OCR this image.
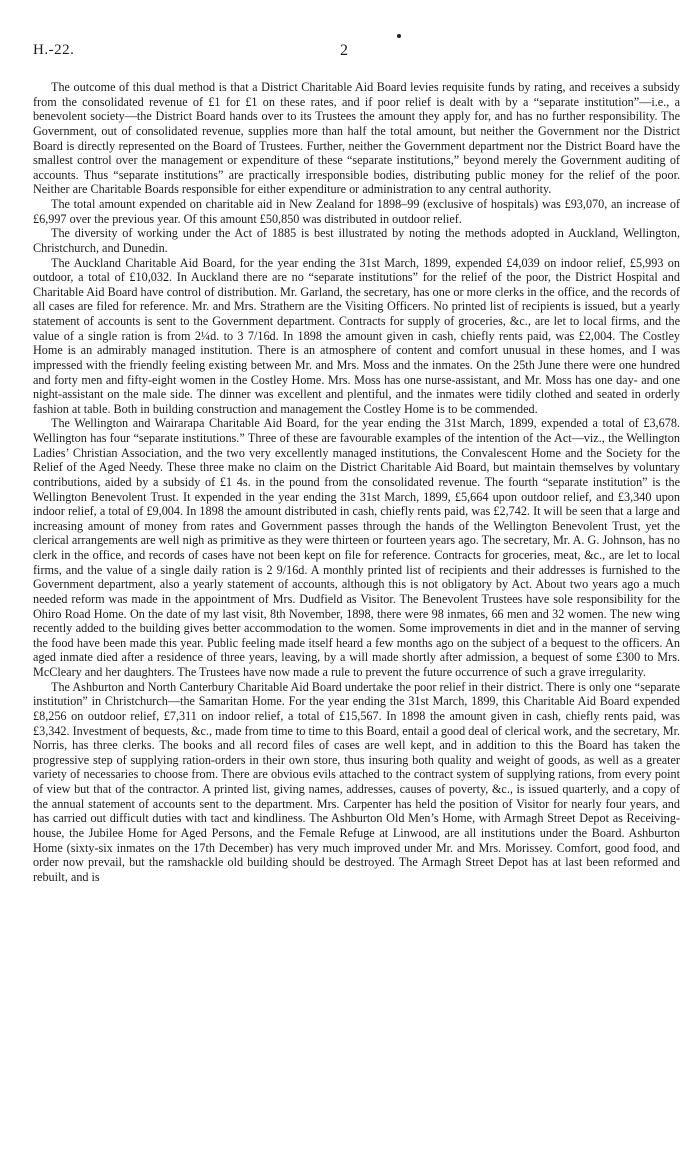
H.-22.	2

The outcome of this dual method is that a District Charitable Aid Board levies requisite funds by rating, and receives a subsidy from the consolidated revenue of £1 for £1 on these rates, and if poor relief is dealt with by a “separate institution”—i.e., a benevolent society—the District Board hands over to its Trustees the amount they apply for, and has no further responsibility. The Government, out of consolidated revenue, supplies more than half the total amount, but neither the Government nor the District Board is directly represented on the Board of Trustees. Further, neither the Government department nor the District Board have the smallest control over the management or expenditure of these “separate institutions,” beyond merely the Government auditing of accounts. Thus “separate institutions” are practically irresponsible bodies, distributing public money for the relief of the poor. Neither are Charitable Boards responsible for either expenditure or administration to any central authority.

The total amount expended on charitable aid in New Zealand for 1898–99 (exclusive of hospitals) was £93,070, an increase of £6,997 over the previous year. Of this amount £50,850 was distributed in outdoor relief.

The diversity of working under the Act of 1885 is best illustrated by noting the methods adopted in Auckland, Wellington, Christchurch, and Dunedin.

The Auckland Charitable Aid Board, for the year ending the 31st March, 1899, expended £4,039 on indoor relief, £5,993 on outdoor, a total of £10,032. In Auckland there are no “separate institutions” for the relief of the poor, the District Hospital and Charitable Aid Board have control of distribution. Mr. Garland, the secretary, has one or more clerks in the office, and the records of all cases are filed for reference. Mr. and Mrs. Strathern are the Visiting Officers. No printed list of recipients is issued, but a yearly statement of accounts is sent to the Government department. Contracts for supply of groceries, &c., are let to local firms, and the value of a single ration is from 2¼d. to 3 7/16d. In 1898 the amount given in cash, chiefly rents paid, was £2,004. The Costley Home is an admirably managed institution. There is an atmosphere of content and comfort unusual in these homes, and I was impressed with the friendly feeling existing between Mr. and Mrs. Moss and the inmates. On the 25th June there were one hundred and forty men and fifty-eight women in the Costley Home. Mrs. Moss has one nurse-assistant, and Mr. Moss has one day- and one night-assistant on the male side. The dinner was excellent and plentiful, and the inmates were tidily clothed and seated in orderly fashion at table. Both in building construction and management the Costley Home is to be commended.

The Wellington and Wairarapa Charitable Aid Board, for the year ending the 31st March, 1899, expended a total of £3,678. Wellington has four “separate institutions.” Three of these are favourable examples of the intention of the Act—viz., the Wellington Ladies’ Christian Association, and the two very excellently managed institutions, the Convalescent Home and the Society for the Relief of the Aged Needy. These three make no claim on the District Charitable Aid Board, but maintain themselves by voluntary contributions, aided by a subsidy of £1 4s. in the pound from the consolidated revenue. The fourth “separate institution” is the Wellington Benevolent Trust. It expended in the year ending the 31st March, 1899, £5,664 upon outdoor relief, and £3,340 upon indoor relief, a total of £9,004. In 1898 the amount distributed in cash, chiefly rents paid, was £2,742. It will be seen that a large and increasing amount of money from rates and Government passes through the hands of the Wellington Benevolent Trust, yet the clerical arrangements are well nigh as primitive as they were thirteen or fourteen years ago. The secretary, Mr. A. G. Johnson, has no clerk in the office, and records of cases have not been kept on file for reference. Contracts for groceries, meat, &c., are let to local firms, and the value of a single daily ration is 2 9/16d. A monthly printed list of recipients and their addresses is furnished to the Government department, also a yearly statement of accounts, although this is not obligatory by Act. About two years ago a much needed reform was made in the appointment of Mrs. Dudfield as Visitor. The Benevolent Trustees have sole responsibility for the Ohiro Road Home. On the date of my last visit, 8th November, 1898, there were 98 inmates, 66 men and 32 women. The new wing recently added to the building gives better accommodation to the women. Some improvements in diet and in the manner of serving the food have been made this year. Public feeling made itself heard a few months ago on the subject of a bequest to the officers. An aged inmate died after a residence of three years, leaving, by a will made shortly after admission, a bequest of some £300 to Mrs. McCleary and her daughters. The Trustees have now made a rule to prevent the future occurrence of such a grave irregularity.

The Ashburton and North Canterbury Charitable Aid Board undertake the poor relief in their district. There is only one “separate institution” in Christchurch—the Samaritan Home. For the year ending the 31st March, 1899, this Charitable Aid Board expended £8,256 on outdoor relief, £7,311 on indoor relief, a total of £15,567. In 1898 the amount given in cash, chiefly rents paid, was £3,342. Investment of bequests, &c., made from time to time to this Board, entail a good deal of clerical work, and the secretary, Mr. Norris, has three clerks. The books and all record files of cases are well kept, and in addition to this the Board has taken the progressive step of supplying ration-orders in their own store, thus insuring both quality and weight of goods, as well as a greater variety of necessaries to choose from. There are obvious evils attached to the contract system of supplying rations, from every point of view but that of the contractor. A printed list, giving names, addresses, causes of poverty, &c., is issued quarterly, and a copy of the annual statement of accounts sent to the department. Mrs. Carpenter has held the position of Visitor for nearly four years, and has carried out difficult duties with tact and kindliness. The Ashburton Old Men’s Home, with Armagh Street Depot as Receiving-house, the Jubilee Home for Aged Persons, and the Female Refuge at Linwood, are all institutions under the Board. Ashburton Home (sixty-six inmates on the 17th December) has very much improved under Mr. and Mrs. Morissey. Comfort, good food, and order now prevail, but the ramshackle old building should be destroyed. The Armagh Street Depot has at last been reformed and rebuilt, and is
